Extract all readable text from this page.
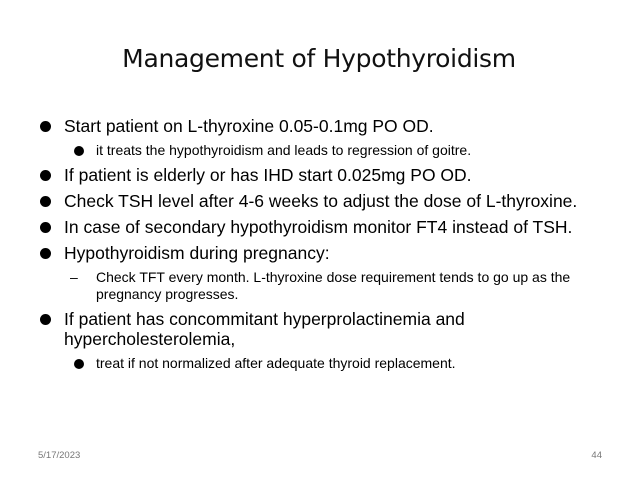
Management of Hypothyroidism
Start patient on L-thyroxine 0.05-0.1mg PO OD.
it treats the hypothyroidism and leads to regression of goitre.
If patient is elderly or has IHD start 0.025mg PO OD.
Check TSH level after 4-6 weeks to adjust the dose of L-thyroxine.
In case of secondary hypothyroidism monitor FT4 instead of TSH.
Hypothyroidism during pregnancy:
– Check TFT every month. L-thyroxine dose requirement tends to go up as the pregnancy progresses.
If patient has concommitant hyperprolactinemia and hypercholesterolemia,
treat if not normalized after adequate thyroid replacement.
5/17/2023	44
